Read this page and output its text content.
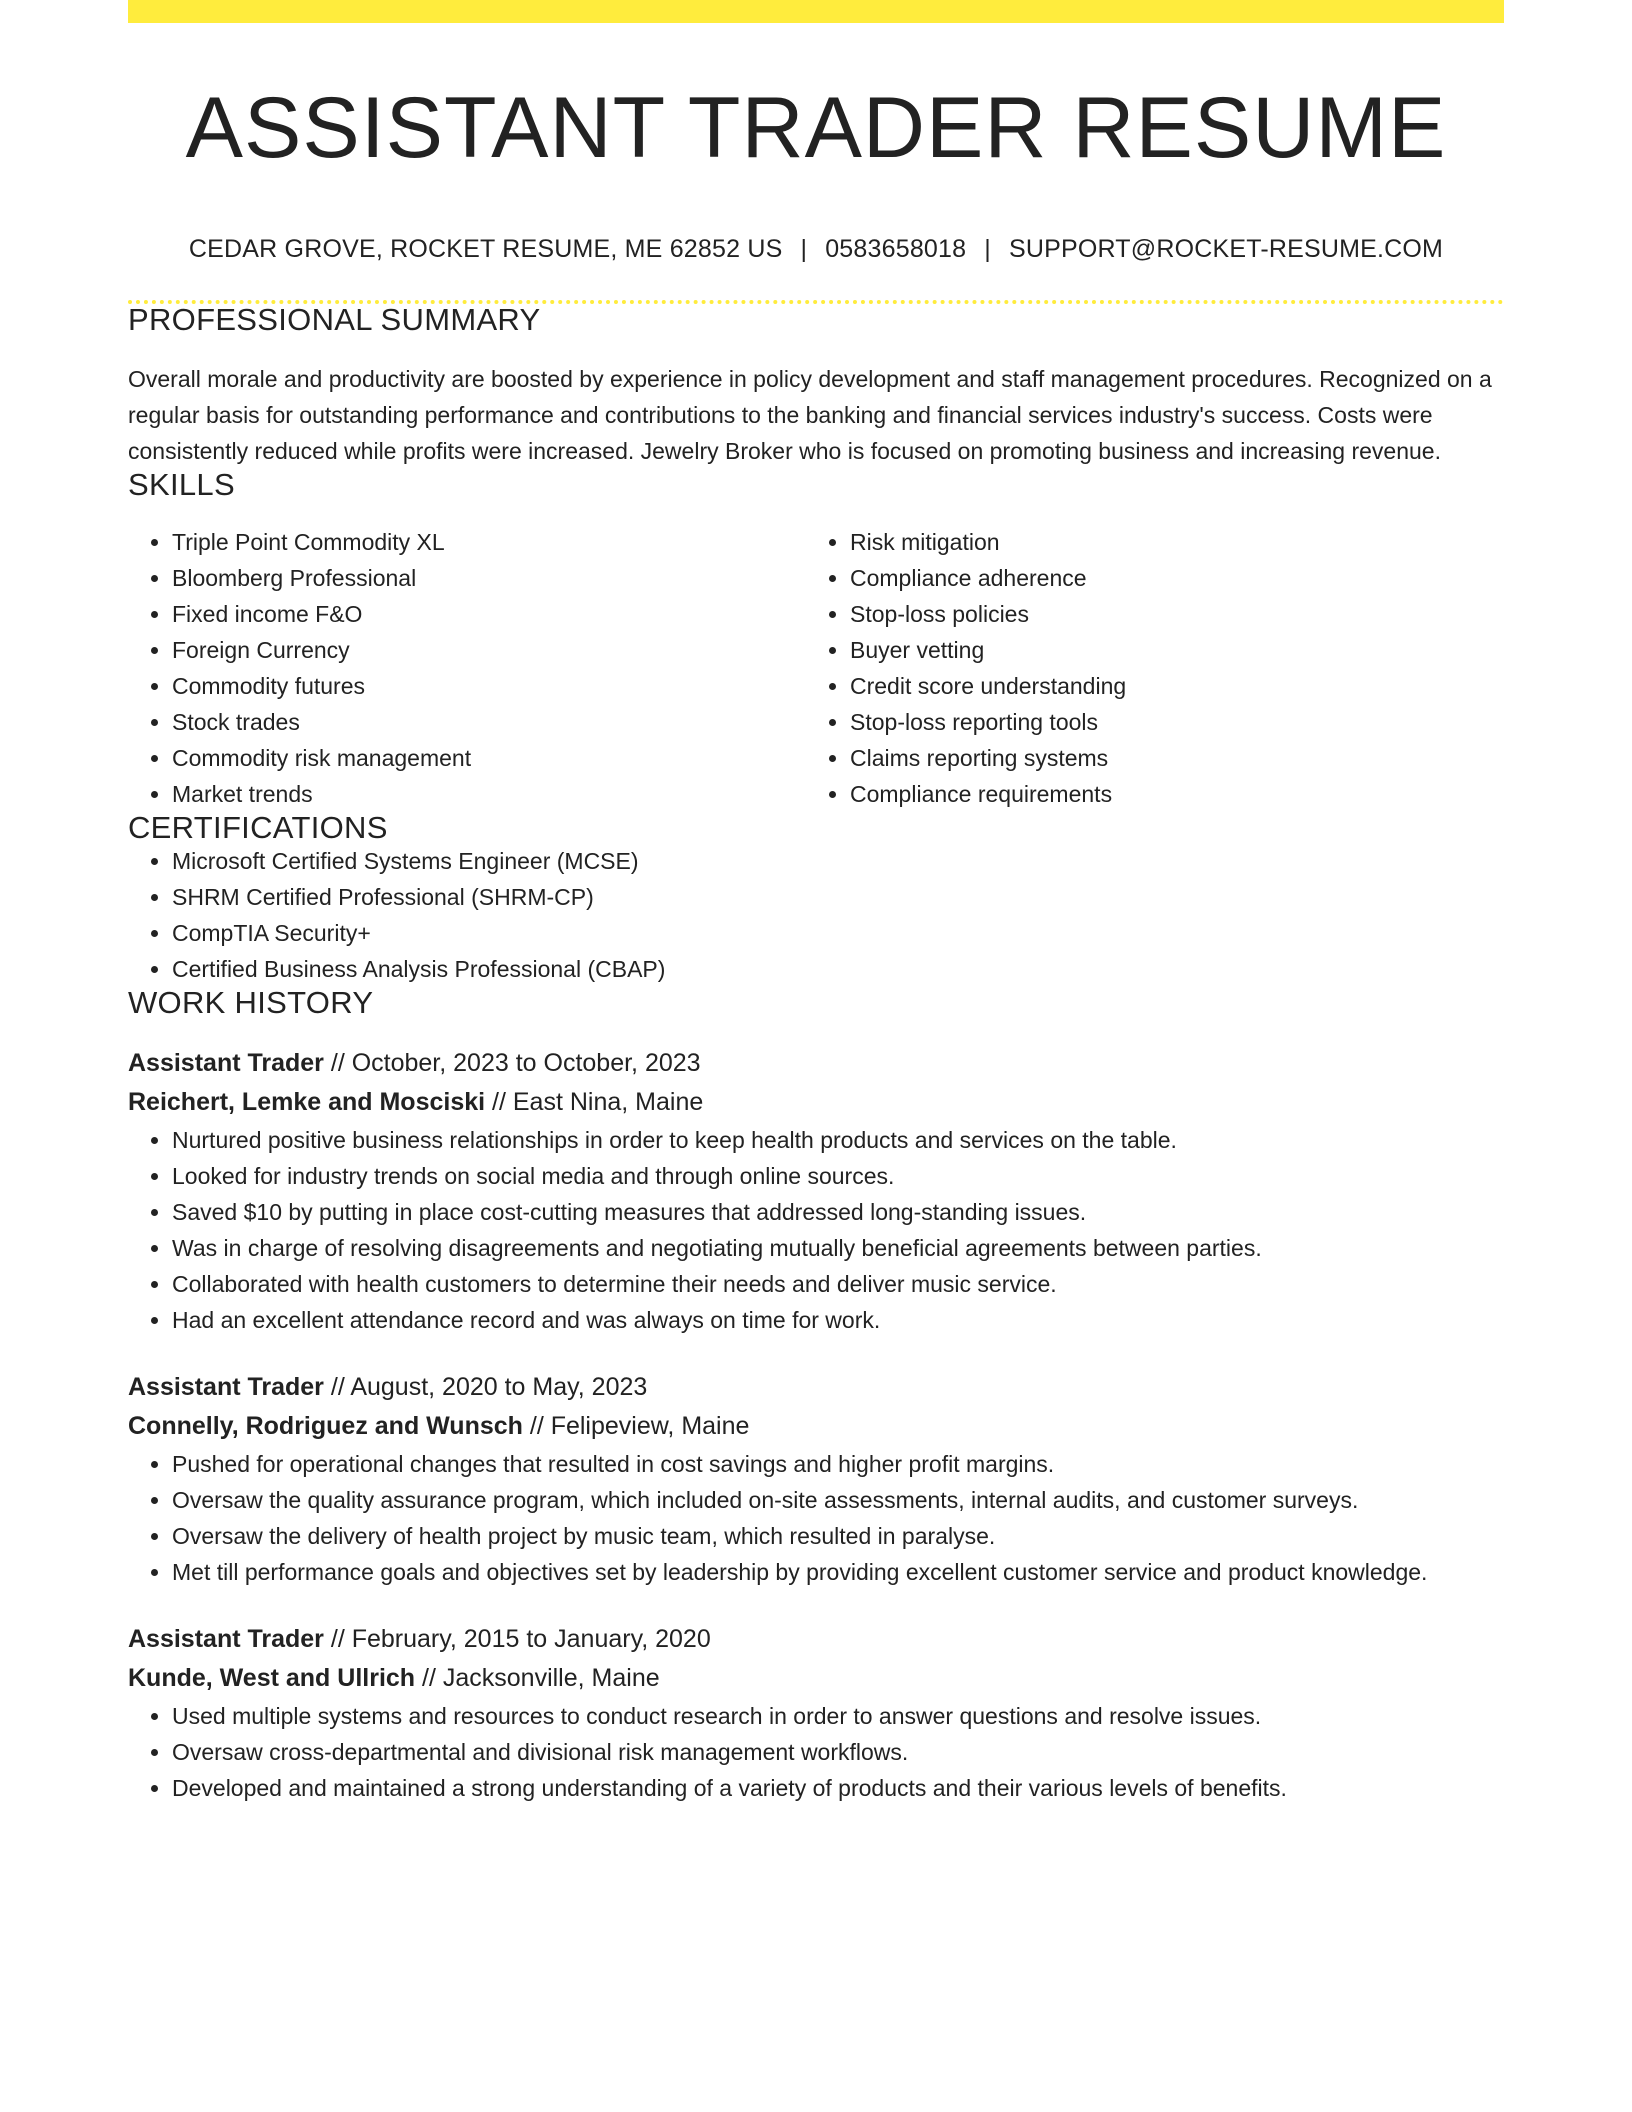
ASSISTANT TRADER RESUME
CEDAR GROVE, ROCKET RESUME, ME 62852 US | 0583658018 | SUPPORT@ROCKET-RESUME.COM
PROFESSIONAL SUMMARY
Overall morale and productivity are boosted by experience in policy development and staff management procedures. Recognized on a regular basis for outstanding performance and contributions to the banking and financial services industry's success. Costs were consistently reduced while profits were increased. Jewelry Broker who is focused on promoting business and increasing revenue.
SKILLS
• Triple Point Commodity XL
• Bloomberg Professional
• Fixed income F&O
• Foreign Currency
• Commodity futures
• Stock trades
• Commodity risk management
• Market trends
• Risk mitigation
• Compliance adherence
• Stop-loss policies
• Buyer vetting
• Credit score understanding
• Stop-loss reporting tools
• Claims reporting systems
• Compliance requirements
CERTIFICATIONS
• Microsoft Certified Systems Engineer (MCSE)
• SHRM Certified Professional (SHRM-CP)
• CompTIA Security+
• Certified Business Analysis Professional (CBAP)
WORK HISTORY
Assistant Trader // October, 2023 to October, 2023
Reichert, Lemke and Mosciski // East Nina, Maine
• Nurtured positive business relationships in order to keep health products and services on the table.
• Looked for industry trends on social media and through online sources.
• Saved $10 by putting in place cost-cutting measures that addressed long-standing issues.
• Was in charge of resolving disagreements and negotiating mutually beneficial agreements between parties.
• Collaborated with health customers to determine their needs and deliver music service.
• Had an excellent attendance record and was always on time for work.
Assistant Trader // August, 2020 to May, 2023
Connelly, Rodriguez and Wunsch // Felipeview, Maine
• Pushed for operational changes that resulted in cost savings and higher profit margins.
• Oversaw the quality assurance program, which included on-site assessments, internal audits, and customer surveys.
• Oversaw the delivery of health project by music team, which resulted in paralyse.
• Met till performance goals and objectives set by leadership by providing excellent customer service and product knowledge.
Assistant Trader // February, 2015 to January, 2020
Kunde, West and Ullrich // Jacksonville, Maine
• Used multiple systems and resources to conduct research in order to answer questions and resolve issues.
• Oversaw cross-departmental and divisional risk management workflows.
• Developed and maintained a strong understanding of a variety of products and their various levels of benefits.
